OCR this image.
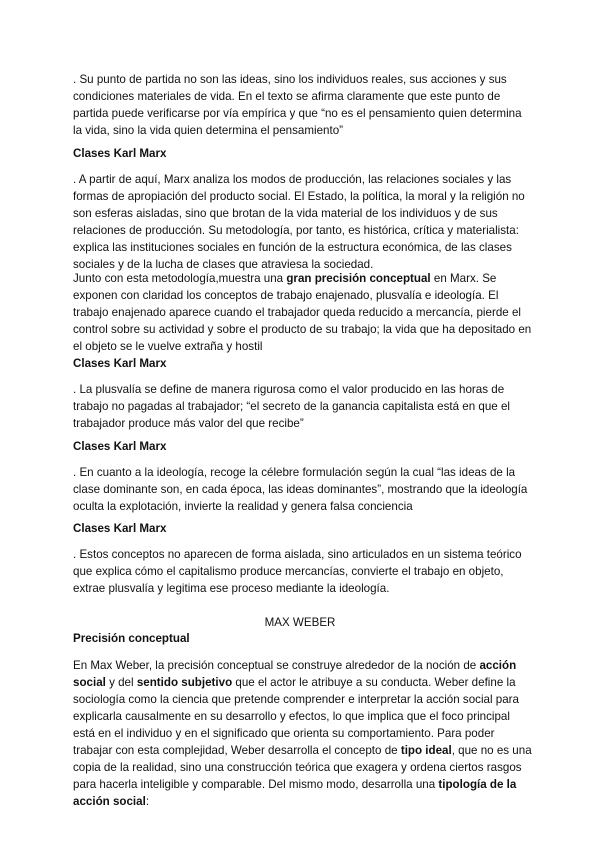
. Su punto de partida no son las ideas, sino los individuos reales, sus acciones y sus condiciones materiales de vida. En el texto se afirma claramente que este punto de partida puede verificarse por vía empírica y que “no es el pensamiento quien determina la vida, sino la vida quien determina el pensamiento”

Clases Karl Marx

. A partir de aquí, Marx analiza los modos de producción, las relaciones sociales y las formas de apropiación del producto social. El Estado, la política, la moral y la religión no son esferas aisladas, sino que brotan de la vida material de los individuos y de sus relaciones de producción. Su metodología, por tanto, es histórica, crítica y materialista: explica las instituciones sociales en función de la estructura económica, de las clases sociales y de la lucha de clases que atraviesa la sociedad.

Junto con esta metodología,muestra una gran precisión conceptual en Marx. Se exponen con claridad los conceptos de trabajo enajenado, plusvalía e ideología. El trabajo enajenado aparece cuando el trabajador queda reducido a mercancía, pierde el control sobre su actividad y sobre el producto de su trabajo; la vida que ha depositado en el objeto se le vuelve extraña y hostil

Clases Karl Marx

. La plusvalía se define de manera rigurosa como el valor producido en las horas de trabajo no pagadas al trabajador; “el secreto de la ganancia capitalista está en que el trabajador produce más valor del que recibe”

Clases Karl Marx

. En cuanto a la ideología, recoge la célebre formulación según la cual “las ideas de la clase dominante son, en cada época, las ideas dominantes”, mostrando que la ideología oculta la explotación, invierte la realidad y genera falsa conciencia

Clases Karl Marx

. Estos conceptos no aparecen de forma aislada, sino articulados en un sistema teórico que explica cómo el capitalismo produce mercancías, convierte el trabajo en objeto, extrae plusvalía y legitima ese proceso mediante la ideología.

MAX WEBER

Precisión conceptual

En Max Weber, la precisión conceptual se construye alrededor de la noción de acción social y del sentido subjetivo que el actor le atribuye a su conducta. Weber define la sociología como la ciencia que pretende comprender e interpretar la acción social para explicarla causalmente en su desarrollo y efectos, lo que implica que el foco principal está en el individuo y en el significado que orienta su comportamiento. Para poder trabajar con esta complejidad, Weber desarrolla el concepto de tipo ideal, que no es una copia de la realidad, sino una construcción teórica que exagera y ordena ciertos rasgos para hacerla inteligible y comparable. Del mismo modo, desarrolla una tipología de la acción social:
